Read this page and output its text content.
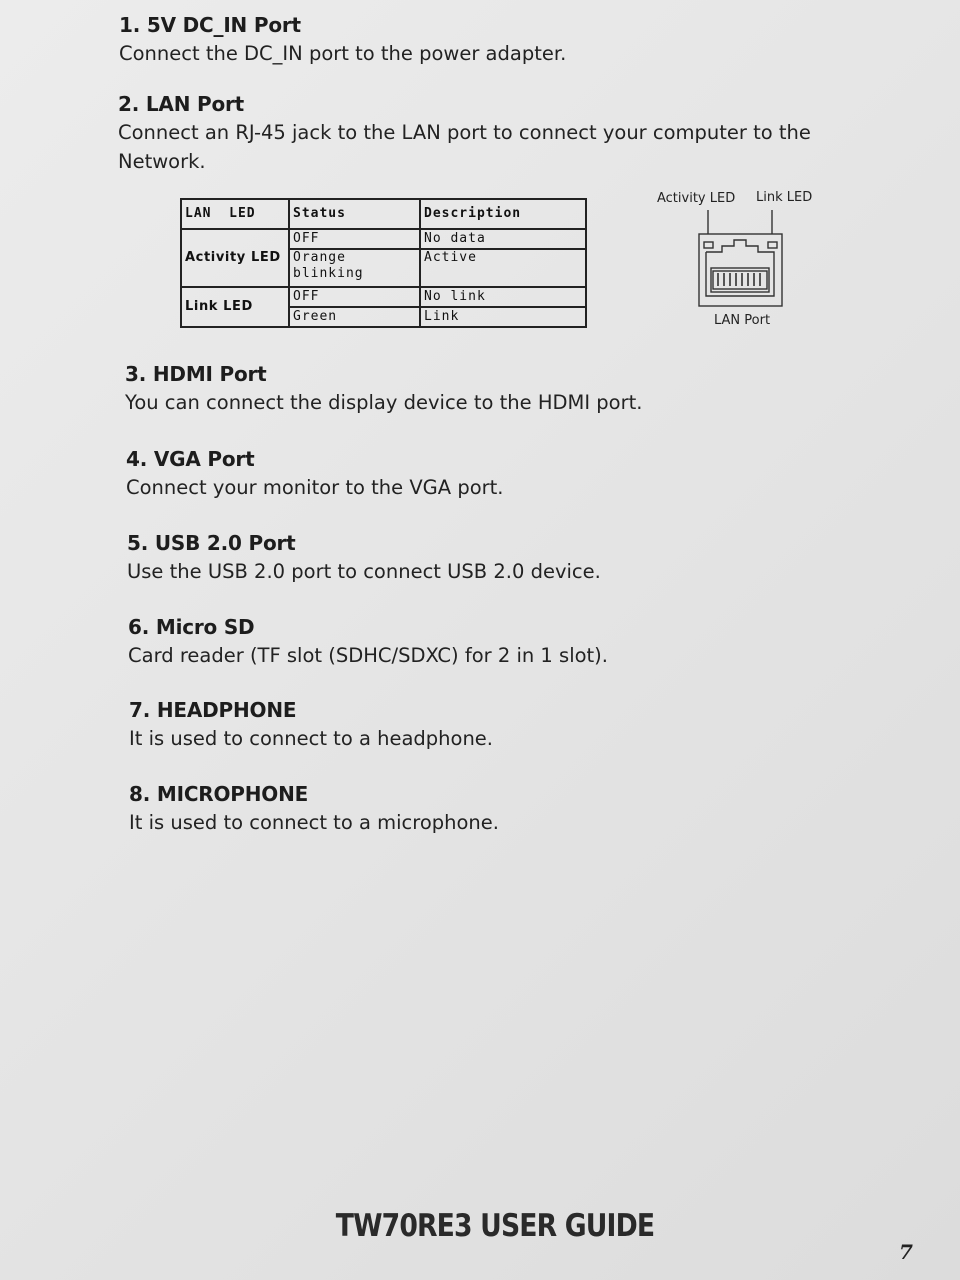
1. 5V DC_IN Port
Connect the DC_IN port to the power adapter.
2. LAN Port
Connect an RJ-45 jack to the LAN port to connect your computer to the Network.
LAN  LED	Status	Description
Activity LED	OFF	No data
	Orange blinking	Active
Link LED	OFF	No link
	Green	Link
Activity LED Link LED
LAN Port
3. HDMI Port
You can connect the display device to the HDMI port.
4. VGA Port
Connect your monitor to the VGA port.
5. USB 2.0 Port
Use the USB 2.0 port to connect USB 2.0 device.
6. Micro SD
Card reader (TF slot (SDHC/SDXC) for 2 in 1 slot).
7. HEADPHONE
It is used to connect to a headphone.
8. MICROPHONE
It is used to connect to a microphone.
TW70RE3 USER GUIDE
7
